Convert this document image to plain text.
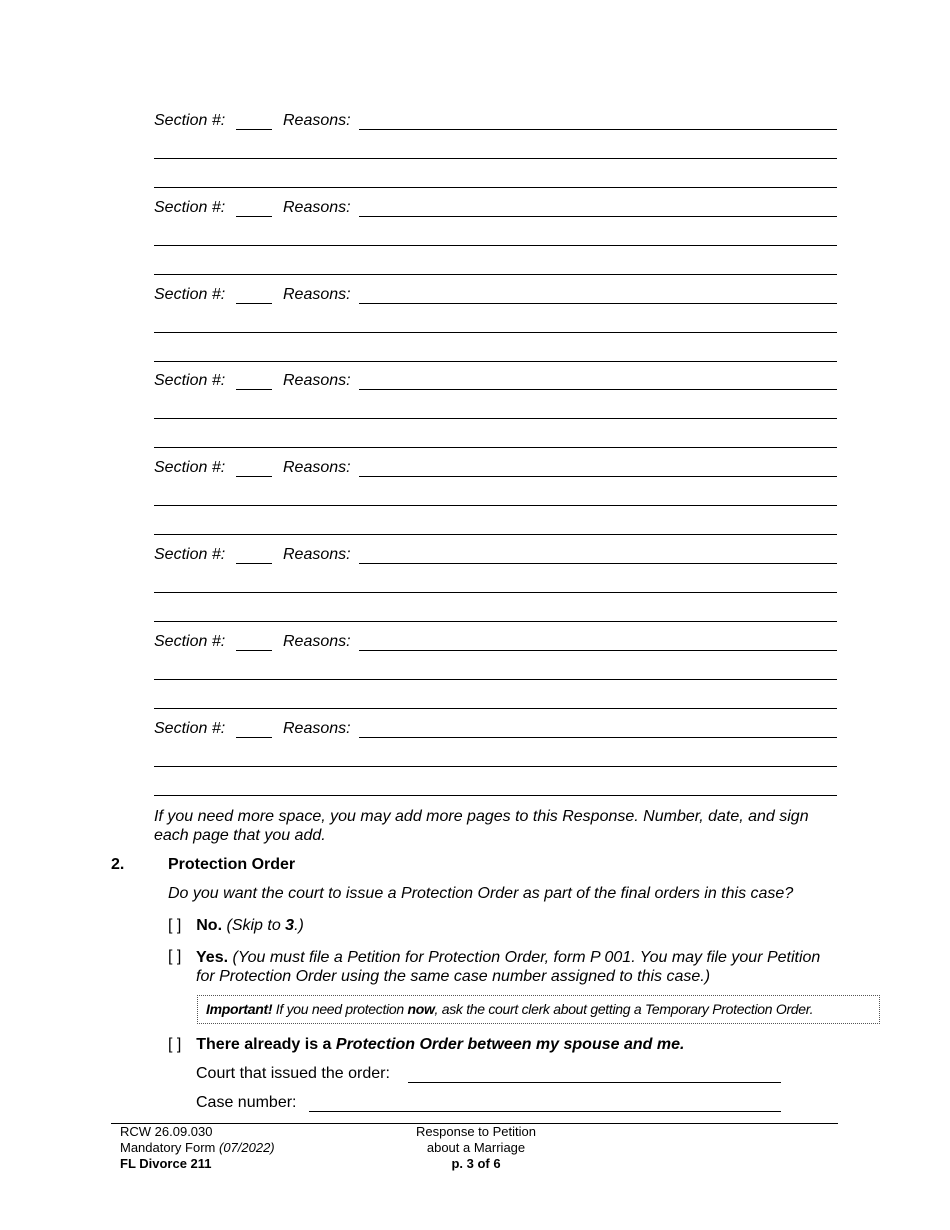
Section #:	Reasons:
Section #:	Reasons:
Section #:	Reasons:
Section #:	Reasons:
Section #:	Reasons:
Section #:	Reasons:
Section #:	Reasons:
Section #:	Reasons:
If you need more space, you may add more pages to this Response. Number, date, and sign each page that you add.
2.	Protection Order
Do you want the court to issue a Protection Order as part of the final orders in this case?
[ ] No. (Skip to 3.)
[ ] Yes. (You must file a Petition for Protection Order, form P 001. You may file your Petition for Protection Order using the same case number assigned to this case.)
Important! If you need protection now, ask the court clerk about getting a Temporary Protection Order.
[ ] There already is a Protection Order between my spouse and me.
Court that issued the order:
Case number:
RCW 26.09.030
Mandatory Form (07/2022)
FL Divorce 211
Response to Petition
about a Marriage
p. 3 of 6
